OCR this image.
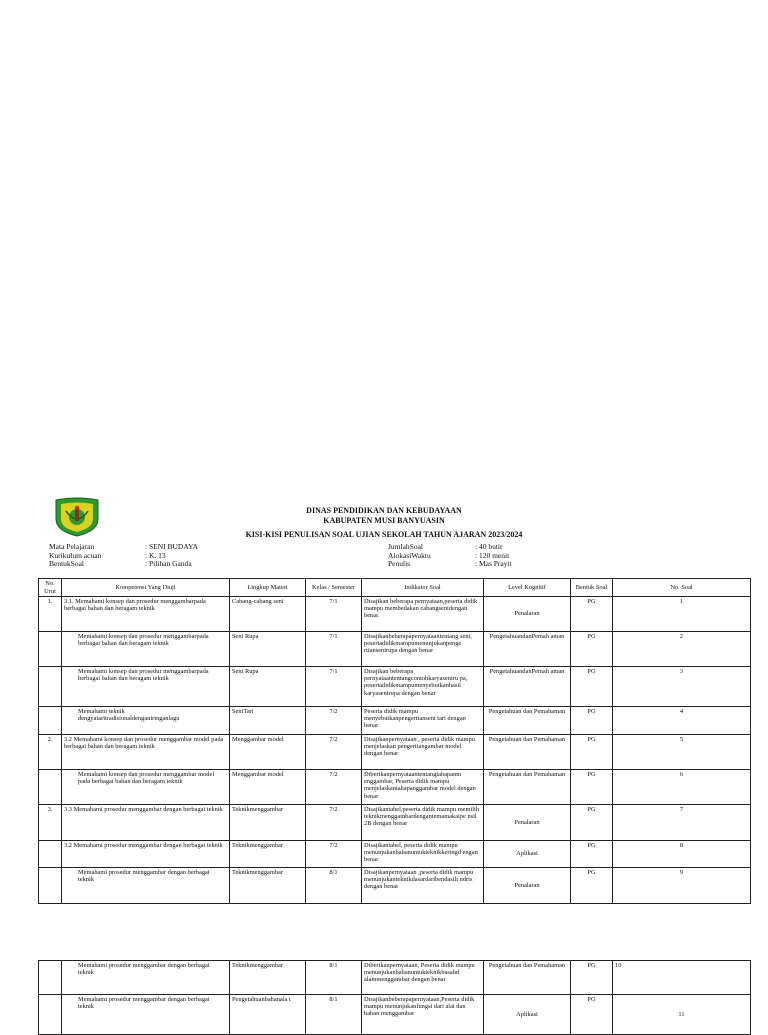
DINAS PENDIDIKAN DAN KEBUDAYAAN
KABUPATEN MUSI BANYUASIN
KISI-KISI PENULISAN SOAL UJIAN SEKOLAH TAHUN AJARAN 2023/2024
Mata Pelajaran	: SENI BUDAYA
Kurikulum acuan	: K. 13
BentukSoal	: Pilihan Ganda
JumlahSoal	: 40 butir
AlokasiWaktu	: 120 menit
Penulis	: Mas Prayit
No. Urut	Kompetensi Yang Diuji	Lingkup Materi	Kelas / Semester	Indikator Soal	Level Kognitif	Bentuk Soal	No. Soal
1.	3.1. Memahami konsep dan prosedur menggambarpada berbagai bahan dan beragam teknik	Cabang-cabang seni	7/1	Disajikan beberapa pernyataan,peserta didik mampu membedakan cabangsenidengan benar.	Penalaran	PG	1
	Memahami konsep dan prosedur menggambarpada berbagai bahan dan beragam teknik	Seni Rupa	7/1	Disajikanbeberapapernyataantentang seni, pesertadidikmampumenunjukanpenge rtiansenirupa dengan benar	PengetahuandanPemah aman	PG	2
	Memahami konsep dan prosedur menggambarpada berbagai bahan dan beragam teknik	Seni Rupa	7/1	Disajikan beberapa pernyataantentangcontohkaryaseniru pa, pesertadidikmampumenyebutkanhasil karyasenirupa dengan benar	PengetahuandanPemah aman	PG	3
	Memahami teknik dengyataritradisionaldenganiringanlagu	SeniTari	7/2	Peserta didik mampu menyebutkanpengertianseni tari dengan benar	Pengetahuan dan Pemahaman	PG	4
2.	3.2 Memahami konsep dan prosedur menggambar model pada berbagai bahan dan beragam teknik	Menggambar model	7/2	Disajikanpernyataan , peserta didik mampu menjelaskan pengertiangambar model dengan benar	Pengetahuan dan Pemahaman	PG	5
	Memahami konsep dan prosedur menggambar model pada berbagai bahan dan beragam teknik	Menggambar model	7/2	Diberikanpernyataantentangtahapanm enggambar, Peserta didik mampu menjelaskantahapanggambar model dengan benar	Pengetahuan dan Pemahaman	PG	6
3.	3.3 Memahami prosedur menggambar dengan berbagai teknik	Teknikmenggambar	7/2	Disajikantabel,peserta didik mampu memilih teknikmenggambardengantemamakaipe nsil 2B dengan benar	Penalaran	PG	7
	3.2 Memahami prosedur menggambar dengan berbagai teknik	Teknikmenggambar	7/2	Disajikantabel, peserta didik mampu menunjukanbahanuntukteknikkeringd engan benar	Aplikasi	PG	8
	Memahami prosedur menggambar dengan berbagai teknik	Teknikmenggambar	8/1	Disajikanpernyataan ,peserta didik mampu menunjukanteknikdasardaribendasili ndris dengan benar	Penalaran	PG	9
	Memahami prosedur menggambar dengan berbagai teknik	Teknikmenggambar	8/1	Diberikanpernyataan, Peserta didik mampu menunjukanbahanuntukteknikbasahd alammenggambar dengan benar	Pengetahuan dan Pemahaman	PG	10
	Memahami prosedur menggambar dengan berbagai teknik	Pengetahuanbahanala t	8/1	Disajikanbeberapapernyataan,Peserta didik mampu menunjukanfungsi dari alat dan bahan menggambar	Aplikasi	PG	11
